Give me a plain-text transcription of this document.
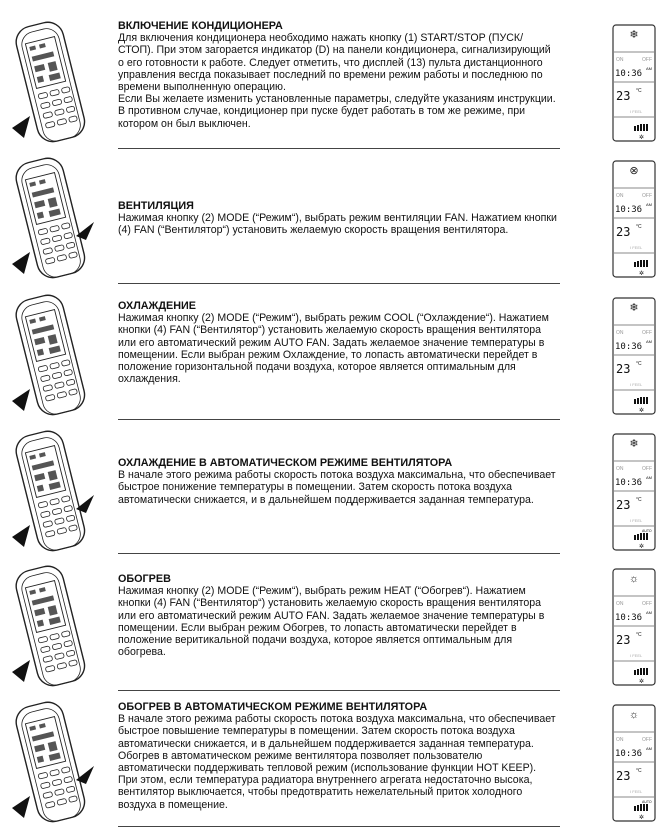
ВКЛЮЧЕНИЕ КОНДИЦИОНЕРА

Для включения кондиционера необходимо нажать кнопку (1) START/STOP (ПУСК/СТОП). При этом загорается индикатор (D) на панели кондиционера, сигнализирующий о его готовности к работе. Следует отметить, что дисплей (13) пульта дистанционного управления весгда показывает последний по времени режим работы и последнюю по времени выполненную операцию.

Если Вы желаете изменить установленные параметры, следуйте указаниям инструкции. В противном случае, кондиционер при пуске будет работать в том же режиме, при котором он был выключен.

❄
ON	OFF
10:36
AM
23 °C
I FEEL
✲
ВЕНТИЛЯЦИЯ

Нажимая кнопку (2) MODE (“Режим“), выбрать режим вентиляции FAN. Нажатием кнопки (4) FAN (“Вентилятор“) установить желаемую скорость вращения вентилятора.

⊗
ON	OFF
10:36
AM
23 °C
I FEEL
✲
ОХЛАЖДЕНИЕ

Нажимая кнопку (2) MODE (“Режим“), выбрать режим COOL (“Охлаждение“). Нажатием кнопки (4) FAN (“Вентилятор“) установить желаемую скорость вращения вентилятора или его автоматический режим AUTO FAN. Задать желаемое значение температуры в помещении. Если выбран режим Охлаждение, то лопасть автоматически перейдет в положение горизонтальной подачи воздуха, которое является оптимальным для охлаждения.

❄
ON	OFF
10:36
AM
23 °C
I FEEL
✲
ОХЛАЖДЕНИЕ В АВТОМАТИЧЕСКОМ РЕЖИМЕ ВЕНТИЛЯТОРА

В начале этого режима работы скорость потока воздуха максимальна, что обеспечивает быстрое понижение температуры в помещении. Затем скорость потока воздуха автоматически снижается, и в дальнейшем поддерживается заданная температура.

❄
ON	OFF
10:36
AM
23 °C
I FEEL
AUTO
✲
ОБОГРЕВ

Нажимая кнопку (2) MODE (“Режим“), выбрать режим HEAT (“Обогрев“). Нажатием кнопки (4) FAN (“Вентилятор“) установить желаемую скорость вращения вентилятора или его автоматический режим AUTO FAN. Задать желаемое значение температуры в помещении. Если выбран режим Обогрев, то лопасть автоматически перейдет в положение веритикальной подачи воздуха, которое является оптимальным для обогрева.

☼
ON	OFF
10:36
AM
23 °C
I FEEL
✲
ОБОГРЕВ В АВТОМАТИЧЕСКОМ РЕЖИМЕ ВЕНТИЛЯТОРА

В начале этого режима работы скорость потока воздуха максимальна, что обеспечивает быстрое повышение температуры в помещении. Затем скорость потока воздуха автоматически снижается, и в дальнейшем поддерживается заданная температура. Обогрев в автоматическом режиме вентилятора позволяет пользователю автоматически поддерживать тепловой режим (использование функции HOT KEEP). При этом, если температура радиатора внутреннего агрегата недостаточно высока, вентилятор выключается, чтобы предотвратить нежелательный приток холодного воздуха в помещение.

☼
ON	OFF
10:36
AM
23 °C
I FEEL
AUTO
✲
